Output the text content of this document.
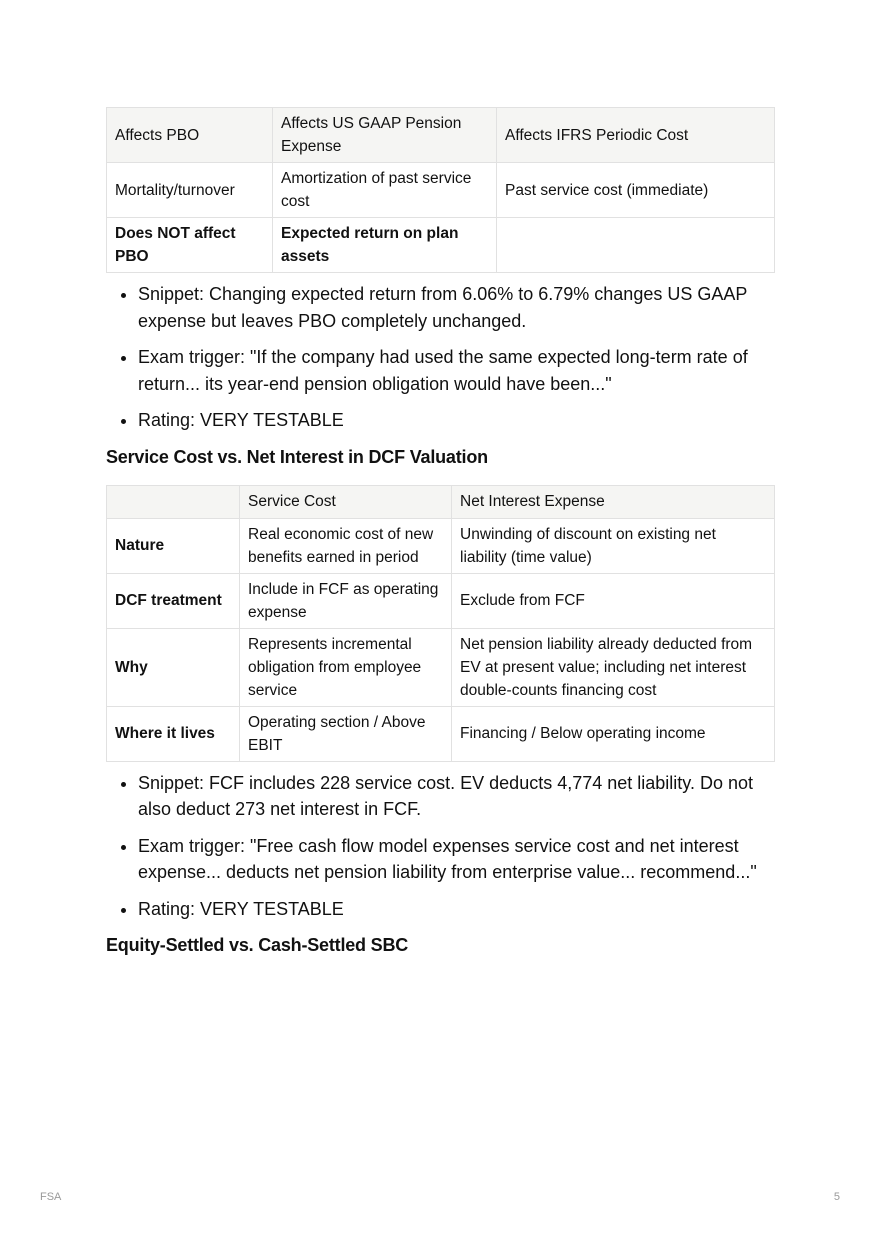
Affects PBO	Affects US GAAP Pension Expense	Affects IFRS Periodic Cost
Mortality/turnover	Amortization of past service cost	Past service cost (immediate)
Does NOT affect PBO	Expected return on plan assets	
• Snippet: Changing expected return from 6.06% to 6.79% changes US GAAP expense but leaves PBO completely unchanged.
• Exam trigger: "If the company had used the same expected long-term rate of return... its year-end pension obligation would have been..."
• Rating: VERY TESTABLE
Service Cost vs. Net Interest in DCF Valuation
	Service Cost	Net Interest Expense
Nature	Real economic cost of new benefits earned in period	Unwinding of discount on existing net liability (time value)
DCF treatment	Include in FCF as operating expense	Exclude from FCF
Why	Represents incremental obligation from employee service	Net pension liability already deducted from EV at present value; including net interest double-counts financing cost
Where it lives	Operating section / Above EBIT	Financing / Below operating income
• Snippet: FCF includes 228 service cost. EV deducts 4,774 net liability. Do not also deduct 273 net interest in FCF.
• Exam trigger: "Free cash flow model expenses service cost and net interest expense... deducts net pension liability from enterprise value... recommend..."
• Rating: VERY TESTABLE
Equity-Settled vs. Cash-Settled SBC
FSA	5
